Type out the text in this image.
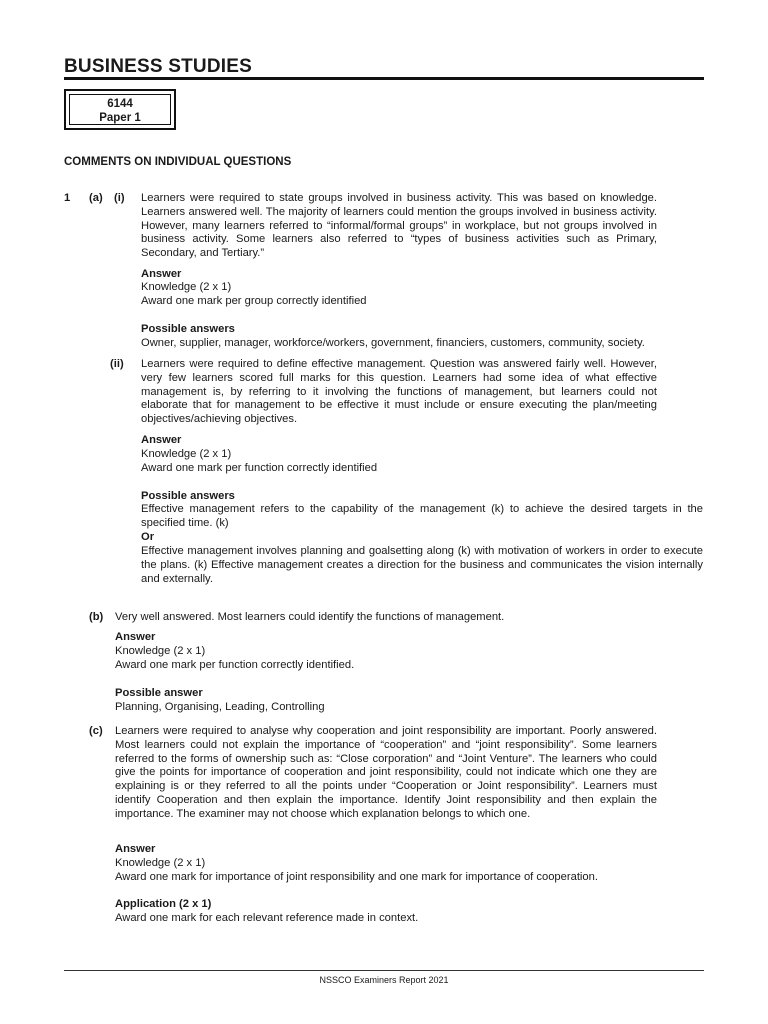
BUSINESS STUDIES
6144
Paper 1
COMMENTS ON INDIVIDUAL QUESTIONS
1 (a) (i) Learners were required to state groups involved in business activity. This was based on knowledge. Learners answered well. The majority of learners could mention the groups involved in business activity. However, many learners referred to “informal/formal groups” in workplace, but not groups involved in business activity. Some learners also referred to “types of business activities such as Primary, Secondary, and Tertiary.”
Answer
Knowledge (2 x 1)
Award one mark per group correctly identified
Possible answers
Owner, supplier, manager, workforce/workers, government, financiers, customers, community, society.
(ii) Learners were required to define effective management. Question was answered fairly well. However, very few learners scored full marks for this question. Learners had some idea of what effective management is, by referring to it involving the functions of management, but learners could not elaborate that for management to be effective it must include or ensure executing the plan/meeting objectives/achieving objectives.
Answer
Knowledge (2 x 1)
Award one mark per function correctly identified
Possible answers
Effective management refers to the capability of the management (k) to achieve the desired targets in the specified time. (k)
Or
Effective management involves planning and goalsetting along (k) with motivation of workers in order to execute the plans. (k) Effective management creates a direction for the business and communicates the vision internally and externally.
(b) Very well answered. Most learners could identify the functions of management.
Answer
Knowledge (2 x 1)
Award one mark per function correctly identified.
Possible answer
Planning, Organising, Leading, Controlling
(c) Learners were required to analyse why cooperation and joint responsibility are important. Poorly answered. Most learners could not explain the importance of “cooperation” and “joint responsibility”. Some learners referred to the forms of ownership such as: “Close corporation” and “Joint Venture”. The learners who could give the points for importance of cooperation and joint responsibility, could not indicate which one they are explaining is or they referred to all the points under “Cooperation or Joint responsibility”. Learners must identify Cooperation and then explain the importance. Identify Joint responsibility and then explain the importance. The examiner may not choose which explanation belongs to which one.
Answer
Knowledge (2 x 1)
Award one mark for importance of joint responsibility and one mark for importance of cooperation.
Application (2 x 1)
Award one mark for each relevant reference made in context.
NSSCO Examiners Report 2021
